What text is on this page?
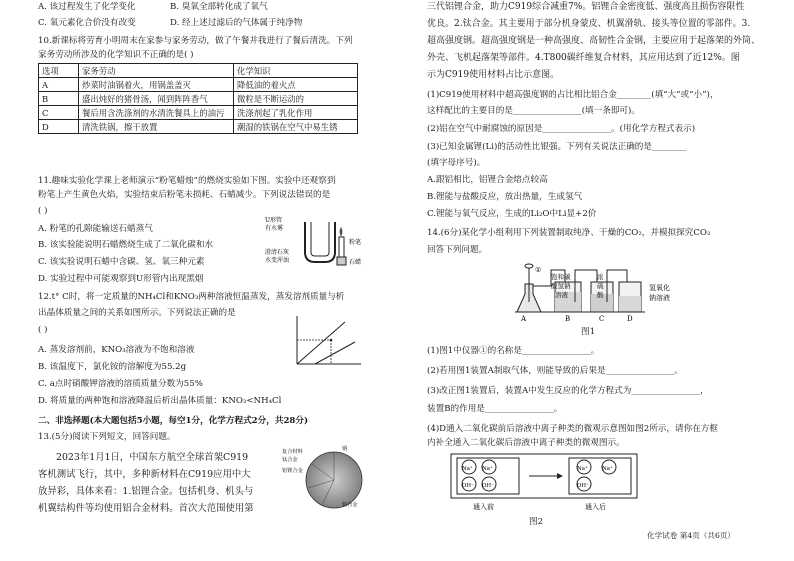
A. 该过程发生了化学变化	B. 臭氧全部转化成了氧气
C. 氧元素化合价没有改变	D. 经上述过滤后的气体属于纯净物
10.新课标将劳育小明周末在家参与家务劳动，做了午餐并我进行了餐后清洗。下列
家务劳动所涉及的化学知识不正确的是( )
选项	家务劳动	化学知识
A	炒菜时油锅着火，用锅盖盖灭	降低油的着火点
B	盛出炖好的猪骨汤，闻到阵阵香气	微粒是不断运动的
C	餐后用含洗涤剂的水清洗餐具上的油污	洗涤剂起了乳化作用
D	清洗铁锅，擦干放置	潮湿的铁锅在空气中易生锈
11.趣味实验化学课上老师演示“粉笔蜡烛”的燃烧实验如下图。实验中还观察到
粉笔上产生黄色火焰，实验结束后粉笔未损耗、石蜡减少。下列说法错误的是
( )
A. 粉笔的孔隙能输送石蜡蒸气
B. 该实验能说明石蜡燃烧生成了二氧化碳和水
C. 该实验说明石蜡中含碳、氢、氧三种元素
D. 实验过程中可能观察到U形管内出现黑烟
U形管
有水雾
澄清石灰
水变浑浊
粉笔
石蜡
12.t° C时，将一定质量的NH₄Cl和KNO₃两种溶液恒温蒸发，蒸发溶剂质量与析
出晶体质量之间的关系如图所示。下列说法正确的是
( )
A. 蒸发溶剂前，KNO₃溶液为不饱和溶液
B. 该温度下，氯化铵的溶解度为55.2g
C. a点时硝酸钾溶液的溶质质量分数为55%
D. 将质量的两种饱和溶液降温后析出晶体质量：KNO₃<NH₄Cl
二、非选择题(本大题包括5小题，每空1分，化学方程式2分，共28分)
13.(5分)阅读下列短文，回答问题。
2023年1月1日，中国东方航空全球首架C919
客机测试飞行，其中，多种新材料在C919应用中大
放异彩，具体来看：1.铝锂合金。包括机身、机头与
机翼结构件等均使用铝合金材料。首次大范围使用第
复合材料
钛合金
铝锂合金
铝合金
钢
三代铝锂合金，助力C919综合减重7%。铝锂合金密度低、强度高且损伤容限性
优良。2.钛合金。其主要用于部分机身蒙皮、机翼滑轨、接头等位置的零部件。3.
超高强度钢。超高强度钢是一种高强度、高韧性合金钢，主要应用于起落架的外筒、
外壳、飞机起落架等部件。4.T800碳纤维复合材料，其应用达到了近12%。图
示为C919使用材料占比示意图。
(1)C919使用材料中超高强度钢的占比相比铝合金________(填“大”或“小”)，
这样配比的主要目的是________________(填一条即可)。
(2)铝在空气中耐腐蚀的原因是________________。(用化学方程式表示)
(3)已知金属锂(Li)的活动性比银强。下列有关说法正确的是________
(填字母序号)。
A.跟铝相比，铝锂合金熔点较高
B.锂能与盐酸反应，放出热量，生成氢气
C.锂能与氧气反应，生成的Li₂O中Li显+2价
14.(6分)某化学小组利用下列装置制取纯净、干燥的CO₂，并模拟探究CO₂
回答下列问题。
①
A	B	C	D
饱和碳
酸氢钠
溶液
浓
硫
酸
氢氧化
钠溶液
图1
(1)图1中仪器①的名称是________________。
(2)若用图1装置A制取气体，则能导致的后果是________________。
(3)改正图1装置后，装置A中发生反应的化学方程式为________________，
装置B的作用是________________。
(4)D通入二氧化碳前后溶液中离子种类的微观示意图如图2所示，请你在方框
内补全通入二氧化碳后溶液中离子种类的微观图示。
Na⁺ Na⁺
OH⁻ OH⁻
Na⁺	Na⁺
OH⁻
通入前	通入后
图2
化学试卷 第4页（共6页）
